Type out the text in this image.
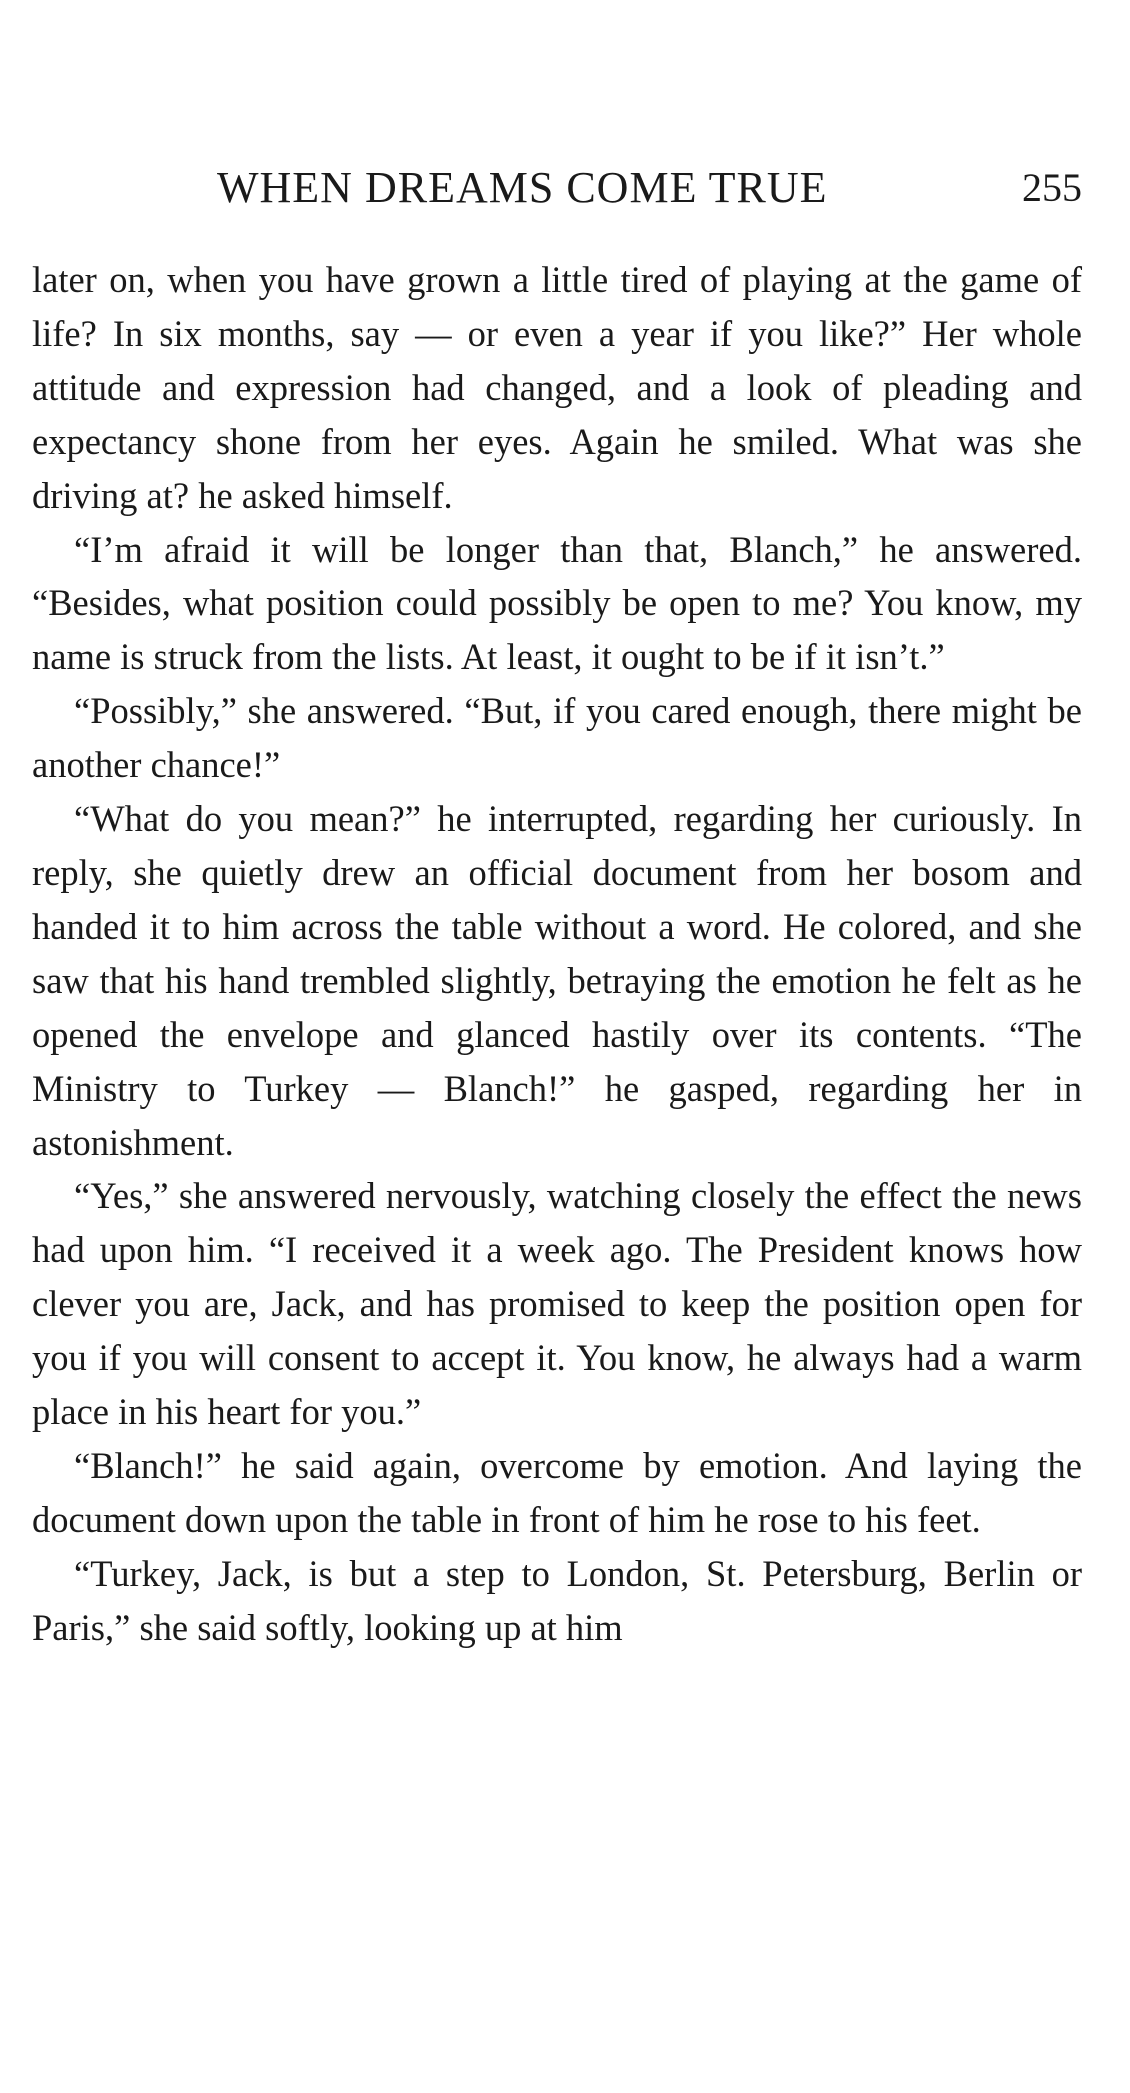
WHEN DREAMS COME TRUE	255

later on, when you have grown a little tired of playing at the game of life? In six months, say — or even a year if you like?” Her whole attitude and expression had changed, and a look of pleading and expectancy shone from her eyes. Again he smiled. What was she driving at? he asked himself.

“I’m afraid it will be longer than that, Blanch,” he answered. “Besides, what position could possibly be open to me? You know, my name is struck from the lists. At least, it ought to be if it isn’t.”

“Possibly,” she answered. “But, if you cared enough, there might be another chance!”

“What do you mean?” he interrupted, regarding her curiously. In reply, she quietly drew an official document from her bosom and handed it to him across the table without a word. He colored, and she saw that his hand trembled slightly, betraying the emotion he felt as he opened the envelope and glanced hastily over its contents. “The Ministry to Turkey — Blanch!” he gasped, regarding her in astonishment.

“Yes,” she answered nervously, watching closely the effect the news had upon him. “I received it a week ago. The President knows how clever you are, Jack, and has promised to keep the position open for you if you will consent to accept it. You know, he always had a warm place in his heart for you.”

“Blanch!” he said again, overcome by emotion. And laying the document down upon the table in front of him he rose to his feet.

“Turkey, Jack, is but a step to London, St. Petersburg, Berlin or Paris,” she said softly, looking up at him
